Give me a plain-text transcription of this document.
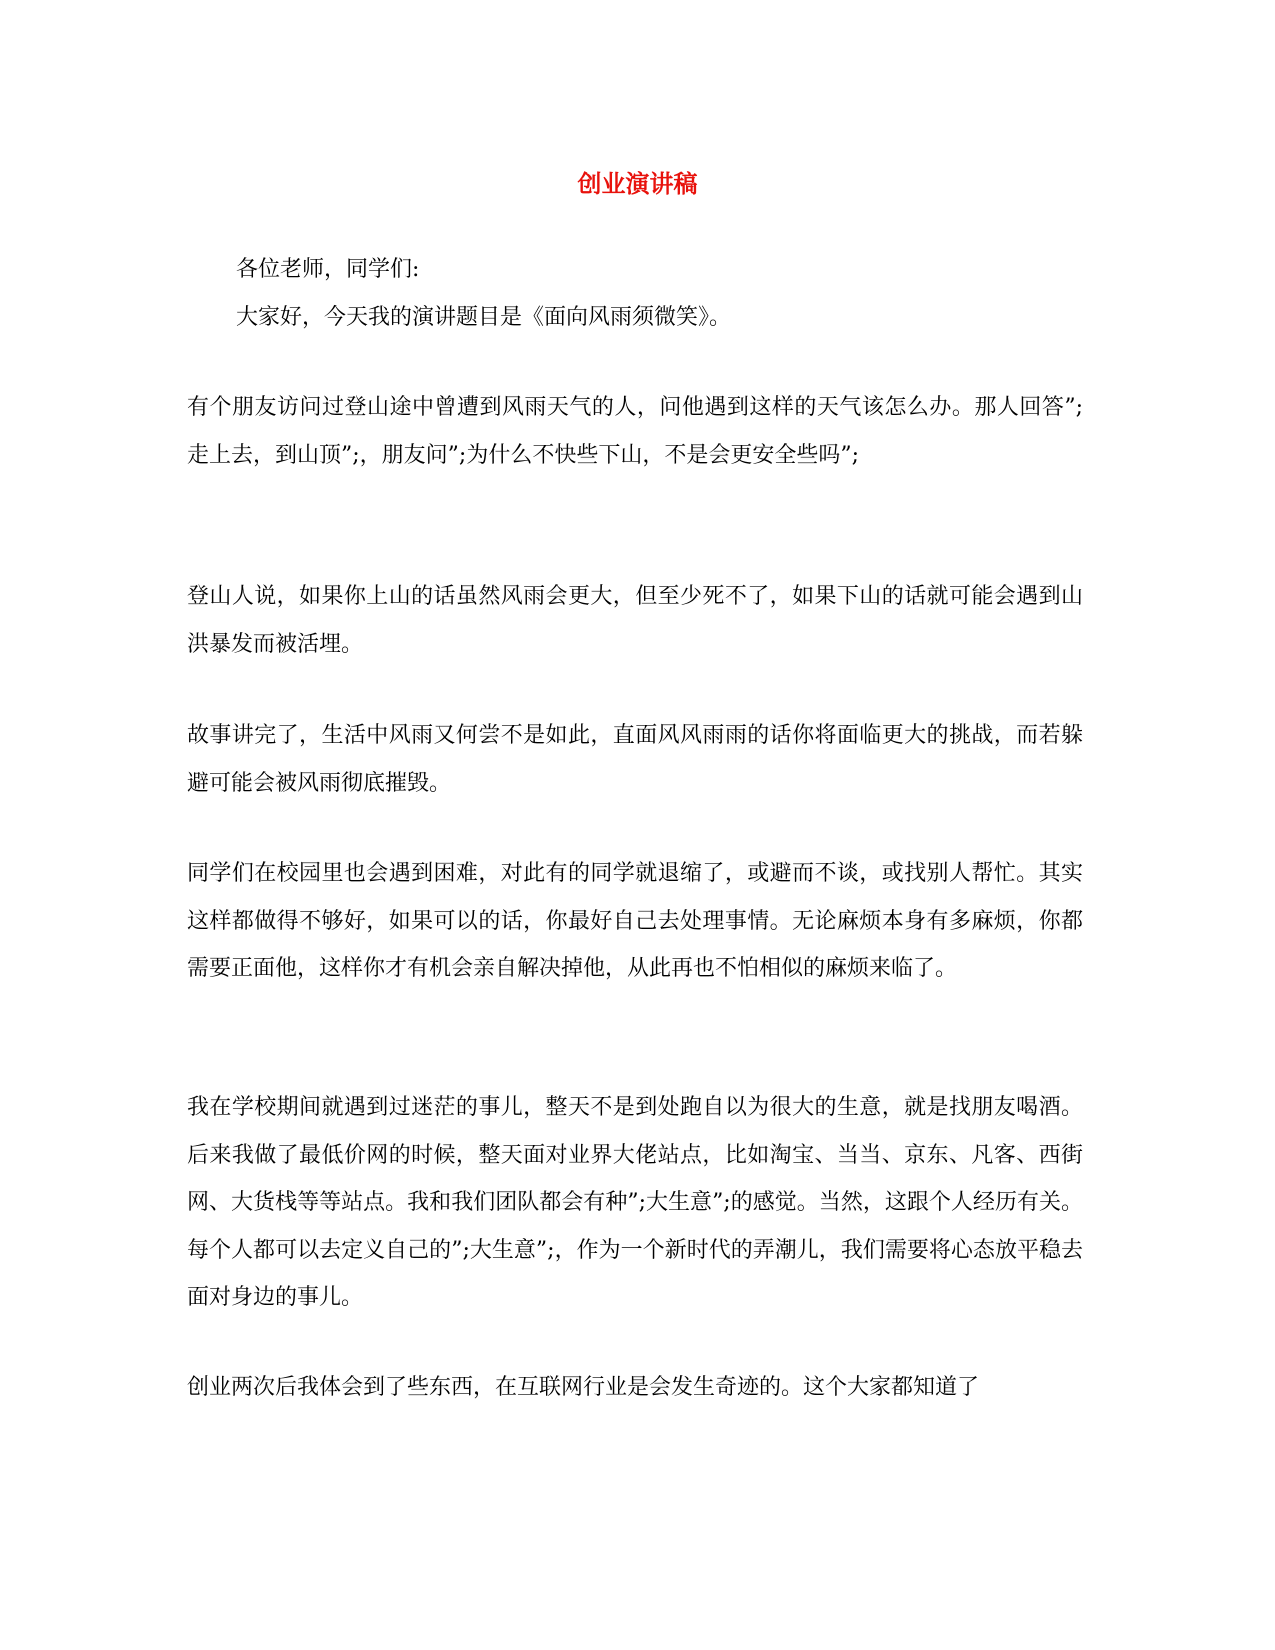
创业演讲稿

各位老师，同学们:

大家好，今天我的演讲题目是《面向风雨须微笑》。

有个朋友访问过登山途中曾遭到风雨天气的人，问他遇到这样的天气该怎么办。那人回答”;走上去，到山顶”;，朋友问”;为什么不快些下山，不是会更安全些吗”;

登山人说，如果你上山的话虽然风雨会更大，但至少死不了，如果下山的话就可能会遇到山洪暴发而被活埋。

故事讲完了，生活中风雨又何尝不是如此，直面风风雨雨的话你将面临更大的挑战，而若躲避可能会被风雨彻底摧毁。

同学们在校园里也会遇到困难，对此有的同学就退缩了，或避而不谈，或找别人帮忙。其实这样都做得不够好，如果可以的话，你最好自己去处理事情。无论麻烦本身有多麻烦，你都需要正面他，这样你才有机会亲自解决掉他，从此再也不怕相似的麻烦来临了。

我在学校期间就遇到过迷茫的事儿，整天不是到处跑自以为很大的生意，就是找朋友喝酒。后来我做了最低价网的时候，整天面对业界大佬站点，比如淘宝、当当、京东、凡客、西街网、大货栈等等站点。我和我们团队都会有种”;大生意”;的感觉。当然，这跟个人经历有关。每个人都可以去定义自己的”;大生意”;，作为一个新时代的弄潮儿，我们需要将心态放平稳去面对身边的事儿。

创业两次后我体会到了些东西，在互联网行业是会发生奇迹的。这个大家都知道了
